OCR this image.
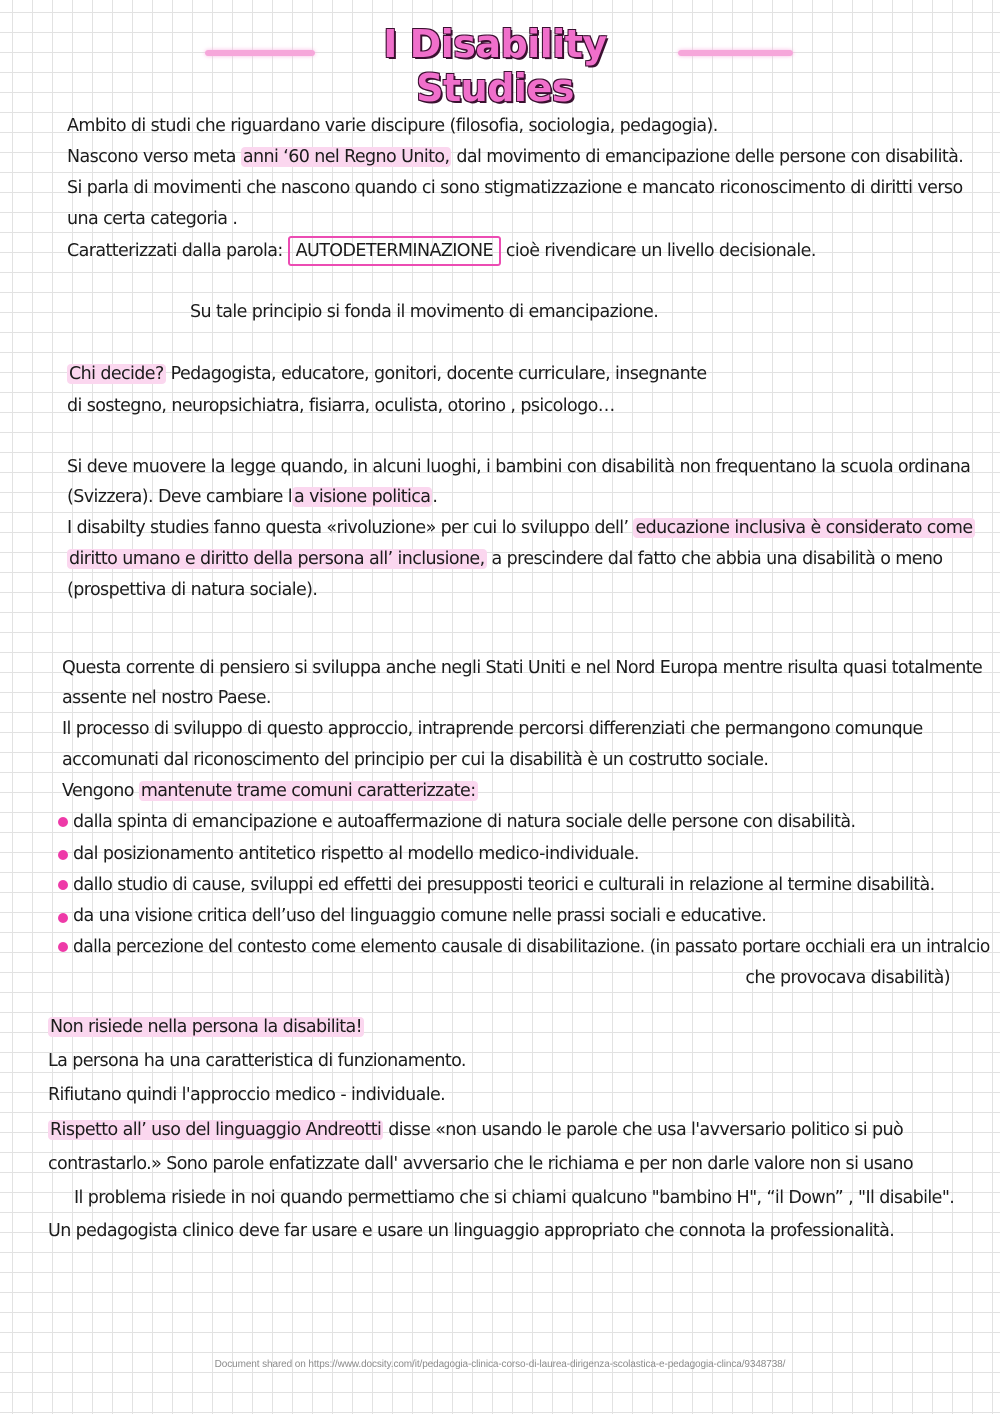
I Disability Studies
Ambito di studi che riguardano varie discipure (filosofia, sociologia, pedagogia).
Nascono verso meta anni ‘60 nel Regno Unito, dal movimento di emancipazione delle persone con disabilità.
Si parla di movimenti che nascono quando ci sono stigmatizzazione e mancato riconoscimento di diritti verso
una certa categoria .
Caratterizzati dalla parola: AUTODETERMINAZIONE cioè rivendicare un livello decisionale.
Su tale principio si fonda il movimento di emancipazione.
Chi decide? Pedagogista, educatore, gonitori, docente curriculare, insegnante
di sostegno, neuropsichiatra, fisiarra, oculista, otorino , psicologo…
Si deve muovere la legge quando, in alcuni luoghi, i bambini con disabilità non frequentano la scuola ordinana
(Svizzera). Deve cambiare l a visione politica .
I disabilty studies fanno questa «rivoluzione» per cui lo sviluppo dell’ educazione inclusiva è considerato come
diritto umano e diritto della persona all’ inclusione, a prescindere dal fatto che abbia una disabilità o meno
(prospettiva di natura sociale).
Questa corrente di pensiero si sviluppa anche negli Stati Uniti e nel Nord Europa mentre risulta quasi totalmente
assente nel nostro Paese.
Il processo di sviluppo di questo approccio, intraprende percorsi differenziati che permangono comunque
accomunati dal riconoscimento del principio per cui la disabilità è un costrutto sociale.
Vengono mantenute trame comuni caratterizzate:
dalla spinta di emancipazione e autoaffermazione di natura sociale delle persone con disabilità.
dal posizionamento antitetico rispetto al modello medico-individuale.
dallo studio di cause, sviluppi ed effetti dei presupposti teorici e culturali in relazione al termine disabilità.
da una visione critica dell’uso del linguaggio comune nelle prassi sociali e educative.
dalla percezione del contesto come elemento causale di disabilitazione. (in passato portare occhiali era un intralcio
che provocava disabilità)
Non risiede nella persona la disabilita!
La persona ha una caratteristica di funzionamento.
Rifiutano quindi l'approccio medico - individuale.
Rispetto all’ uso del linguaggio Andreotti disse «non usando le parole che usa l'avversario politico si può
contrastarlo.» Sono parole enfatizzate dall' avversario che le richiama e per non darle valore non si usano
Il problema risiede in noi quando permettiamo che si chiami qualcuno "bambino H", “il Down” , "Il disabile".
Un pedagogista clinico deve far usare e usare un linguaggio appropriato che connota la professionalità.
Document shared on https://www.docsity.com/it/pedagogia-clinica-corso-di-laurea-dirigenza-scolastica-e-pedagogia-clinca/9348738/
